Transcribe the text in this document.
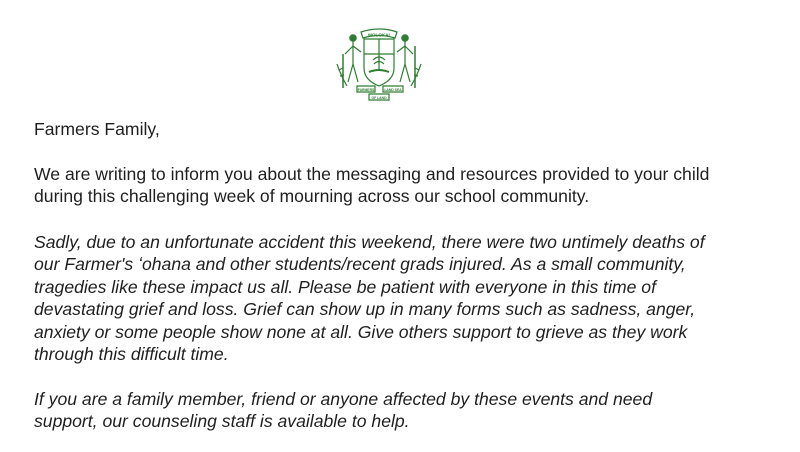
MOLOKAI
FARMERS	LAND SEA
OF LAND

Farmers Family,

We are writing to inform you about the messaging and resources provided to your child
during this challenging week of mourning across our school community.

Sadly, due to an unfortunate accident this weekend, there were two untimely deaths of
our Farmer's ʻohana and other students/recent grads injured. As a small community,
tragedies like these impact us all. Please be patient with everyone in this time of
devastating grief and loss. Grief can show up in many forms such as sadness, anger,
anxiety or some people show none at all. Give others support to grieve as they work
through this difficult time.

If you are a family member, friend or anyone affected by these events and need
support, our counseling staff is available to help.
